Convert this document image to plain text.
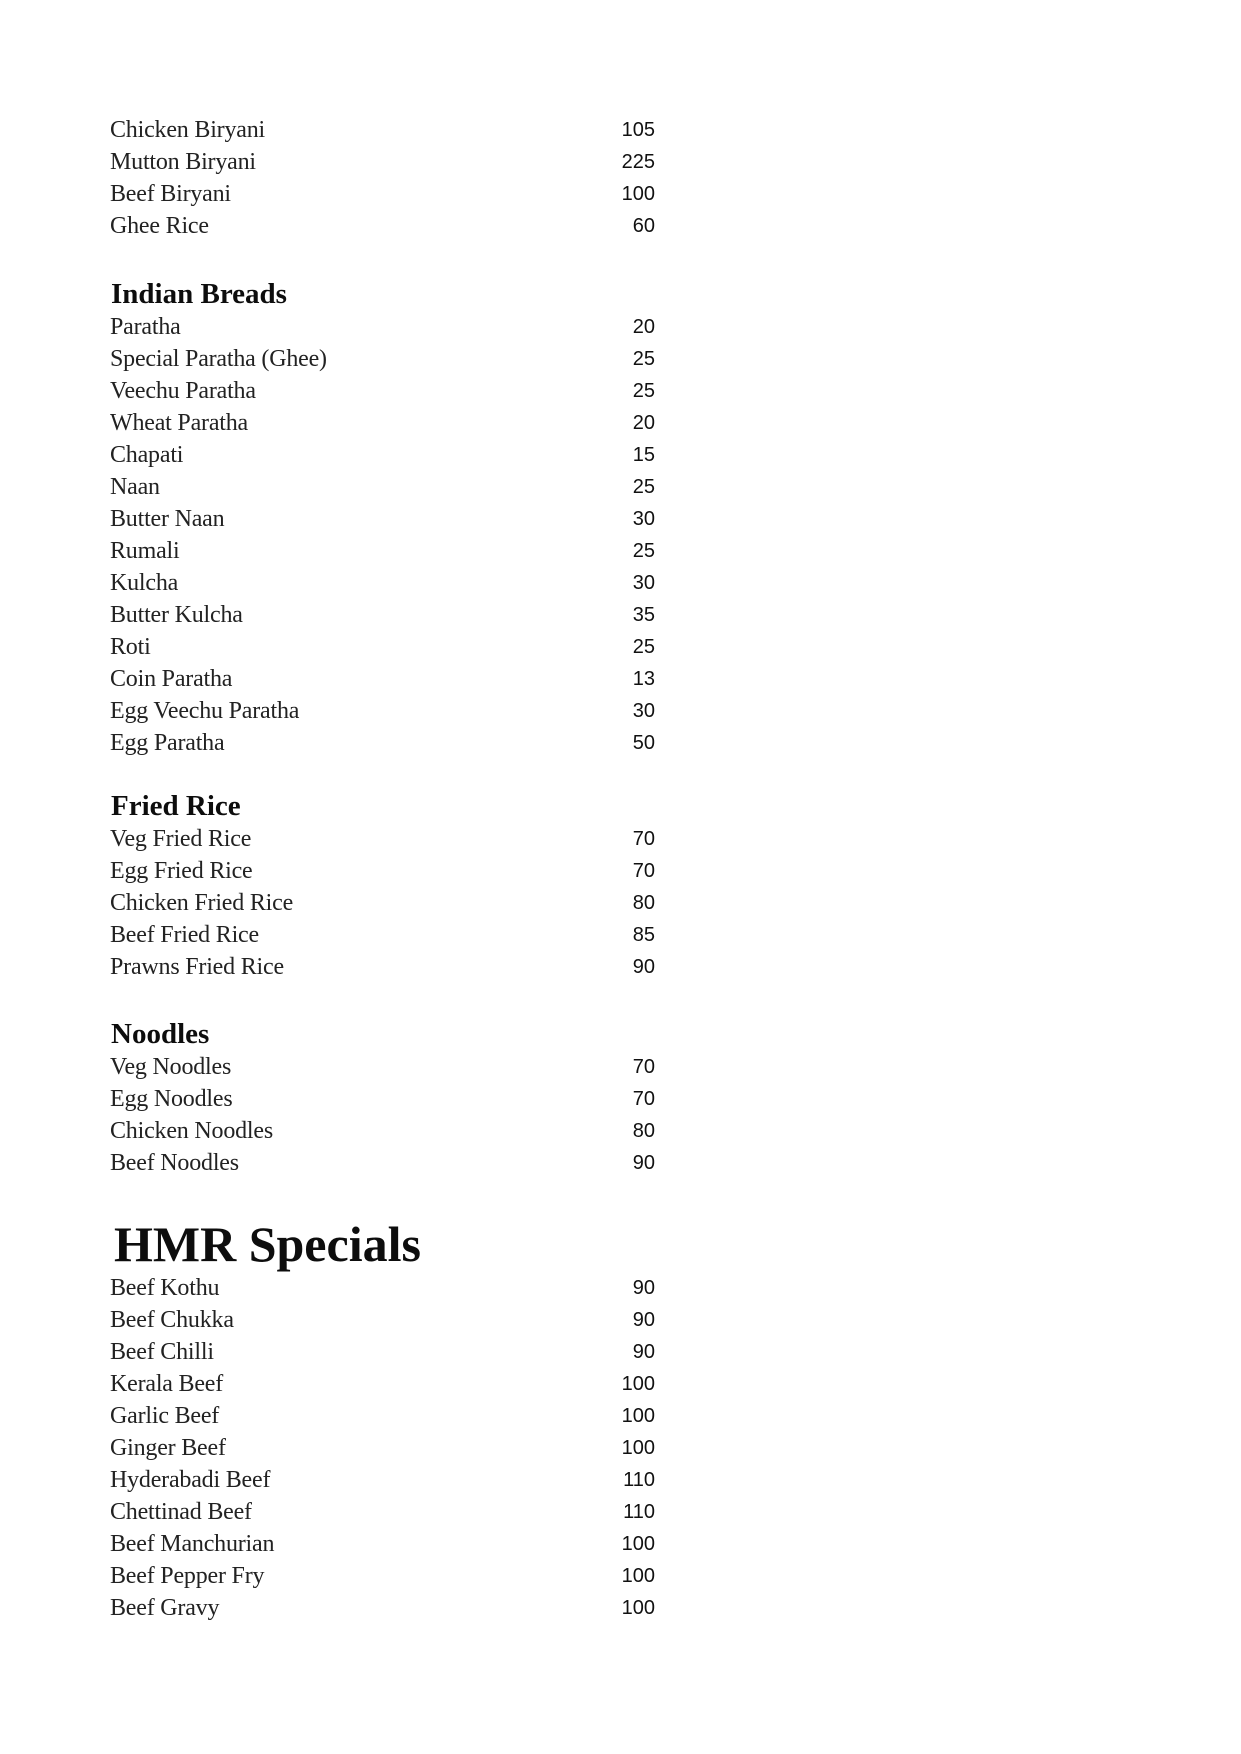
Chicken Biryani	105
Mutton Biryani	225
Beef Biryani	100
Ghee Rice	60
Indian Breads
Paratha	20
Special Paratha (Ghee)	25
Veechu Paratha	25
Wheat Paratha	20
Chapati	15
Naan	25
Butter Naan	30
Rumali	25
Kulcha	30
Butter Kulcha	35
Roti	25
Coin Paratha	13
Egg Veechu Paratha	30
Egg Paratha	50
Fried Rice
Veg Fried Rice	70
Egg Fried Rice	70
Chicken Fried Rice	80
Beef Fried Rice	85
Prawns Fried Rice	90
Noodles
Veg Noodles	70
Egg Noodles	70
Chicken Noodles	80
Beef Noodles	90
HMR Specials
Beef Kothu	90
Beef Chukka	90
Beef Chilli	90
Kerala Beef	100
Garlic Beef	100
Ginger Beef	100
Hyderabadi Beef	110
Chettinad Beef	110
Beef Manchurian	100
Beef Pepper Fry	100
Beef Gravy	100
